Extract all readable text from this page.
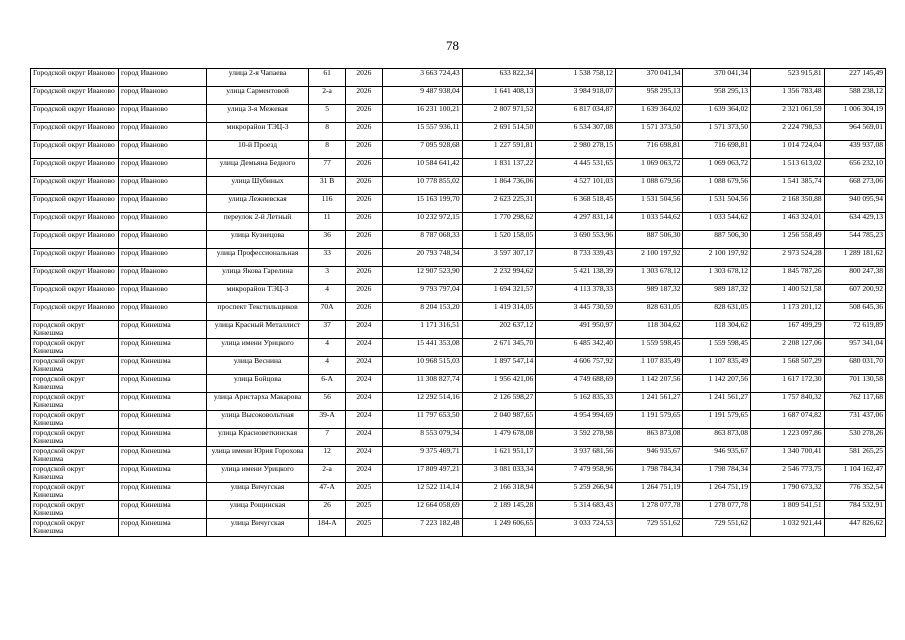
78
Городской округ Иваново	город Иваново	улица 2-я Чапаева	61	2026	3 663 724,43	633 822,34	1 538 758,12	370 041,34	370 041,34	523 915,81	227 145,49
Городской округ Иваново	город Иваново	улица Сарментовой	2-а	2026	9 487 938,04	1 641 408,13	3 984 918,07	958 295,13	958 295,13	1 356 783,48	588 238,12
Городской округ Иваново	город Иваново	улица 3-я Межевая	5	2026	16 231 100,21	2 807 971,52	6 817 034,87	1 639 364,02	1 639 364,02	2 321 061,59	1 006 304,19
Городской округ Иваново	город Иваново	микрорайон ТЭЦ-3	8	2026	15 557 936,11	2 691 514,50	6 534 307,08	1 571 373,50	1 571 373,50	2 224 798,53	964 569,01
Городской округ Иваново	город Иваново	10-й Проезд	8	2026	7 095 928,68	1 227 591,81	2 980 278,15	716 698,81	716 698,81	1 014 724,04	439 937,08
Городской округ Иваново	город Иваново	улица Демьяна Бедного	77	2026	10 584 641,42	1 831 137,22	4 445 531,65	1 069 063,72	1 069 063,72	1 513 613,02	656 232,10
Городской округ Иваново	город Иваново	улица Шубиных	31 В	2026	10 778 855,02	1 864 736,06	4 527 101,03	1 088 679,56	1 088 679,56	1 541 385,74	668 273,06
Городской округ Иваново	город Иваново	улица Лежневская	116	2026	15 163 199,70	2 623 225,31	6 368 518,45	1 531 504,56	1 531 504,56	2 168 350,88	940 095,94
Городской округ Иваново	город Иваново	переулок 2-й Летный	11	2026	10 232 972,15	1 770 298,62	4 297 831,14	1 033 544,62	1 033 544,62	1 463 324,01	634 429,13
Городской округ Иваново	город Иваново	улица Кузнецова	36	2026	8 787 068,33	1 520 158,05	3 690 553,96	887 506,30	887 506,30	1 256 558,49	544 785,23
Городской округ Иваново	город Иваново	улица Профессиональная	33	2026	20 793 748,34	3 597 307,17	8 733 339,43	2 100 197,92	2 100 197,92	2 973 524,28	1 289 181,62
Городской округ Иваново	город Иваново	улица Якова Гарелина	3	2026	12 907 523,90	2 232 994,62	5 421 138,39	1 303 678,12	1 303 678,12	1 845 787,26	800 247,38
Городской округ Иваново	город Иваново	микрорайон ТЭЦ-3	4	2026	9 793 797,04	1 694 321,57	4 113 378,33	989 187,32	989 187,32	1 400 521,58	607 200,92
Городской округ Иваново	город Иваново	проспект Текстильщиков	70А	2026	8 204 153,20	1 419 314,05	3 445 730,59	828 631,05	828 631,05	1 173 201,12	508 645,36
городской округ Кинешма	город Кинешма	улица Красный Металлист	37	2024	1 171 316,51	202 637,12	491 950,97	118 304,62	118 304,62	167 499,29	72 619,89
городской округ Кинешма	город Кинешма	улица имени Урицкого	4	2024	15 441 353,08	2 671 345,70	6 485 342,40	1 559 598,45	1 559 598,45	2 208 127,06	957 341,04
городской округ Кинешма	город Кинешма	улица Веснина	4	2024	10 968 515,03	1 897 547,14	4 606 757,92	1 107 835,49	1 107 835,49	1 568 507,29	680 031,70
городской округ Кинешма	город Кинешма	улица Бойцова	6-А	2024	11 308 827,74	1 956 421,06	4 749 688,69	1 142 207,56	1 142 207,56	1 617 172,30	701 130,58
городской округ Кинешма	город Кинешма	улица Аристарха Макарова	56	2024	12 292 514,16	2 126 598,27	5 162 835,33	1 241 561,27	1 241 561,27	1 757 840,32	762 117,68
городской округ Кинешма	город Кинешма	улица Высоковольтная	39-А	2024	11 797 653,50	2 040 987,65	4 954 994,69	1 191 579,65	1 191 579,65	1 687 074,82	731 437,06
городской округ Кинешма	город Кинешма	улица Красноветкинская	7	2024	8 553 079,34	1 479 678,08	3 592 278,98	863 873,08	863 873,08	1 223 097,86	530 278,26
городской округ Кинешма	город Кинешма	улица имени Юрия Горохова	12	2024	9 375 469,71	1 621 951,17	3 937 681,56	946 935,67	946 935,67	1 340 700,41	581 265,25
городской округ Кинешма	город Кинешма	улица имени Урицкого	2-а	2024	17 809 497,21	3 081 033,34	7 479 958,96	1 798 784,34	1 798 784,34	2 546 773,75	1 104 162,47
городской округ Кинешма	город Кинешма	улица Вичугская	47-А	2025	12 522 114,14	2 166 318,94	5 259 266,94	1 264 751,19	1 264 751,19	1 790 673,32	776 352,54
городской округ Кинешма	город Кинешма	улица Рощинская	26	2025	12 664 058,69	2 189 145,28	5 314 683,43	1 278 077,78	1 278 077,78	1 809 541,51	784 532,91
городской округ Кинешма	город Кинешма	улица Вичугская	184-А	2025	7 223 182,48	1 249 606,65	3 033 724,53	729 551,62	729 551,62	1 032 921,44	447 826,62
